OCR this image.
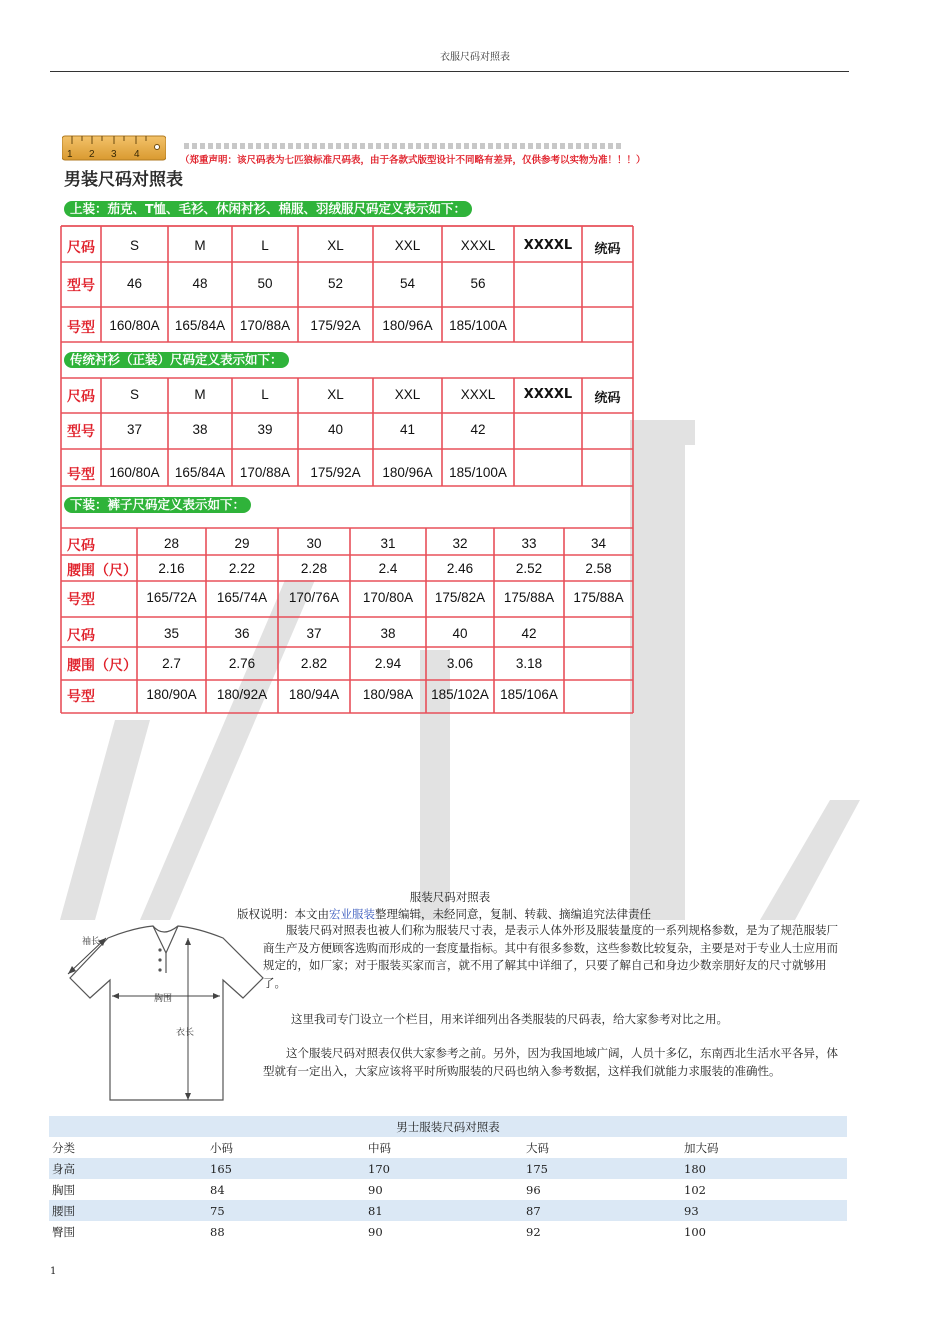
衣服尺码对照表
1 2 3 4
（郑重声明：该尺码表为七匹狼标准尺码表，由于各款式版型设计不同略有差异，仅供参考以实物为准！！！）
男装尺码对照表
上装：茄克、T恤、毛衫、休闲衬衫、棉服、羽绒服尺码定义表示如下：
传统衬衫（正装）尺码定义表示如下：
下装：裤子尺码定义表示如下：
尺码	S	M	L	XL	XXL	XXXL	XXXXL	统码
型号	46	48	50	52	54	56
号型	160/80A	165/84A	170/88A	175/92A	180/96A	185/100A
尺码	S	M	L	XL	XXL	XXXL	XXXXL	统码
型号	37	38	39	40	41	42
号型	160/80A	165/84A	170/88A	175/92A	180/96A	185/100A
尺码	28	29	30	31	32	33	34
腰围（尺）	2.16	2.22	2.28	2.4	2.46	2.52	2.58
号型	165/72A	165/74A	170/76A	170/80A	175/82A	175/88A	175/88A
尺码	35	36	37	38	40	42
腰围（尺）	2.7	2.76	2.82	2.94	3.06	3.18
号型	180/90A	180/92A	180/94A	180/98A	185/102A 185/106A
袖长
胸围
衣长
服装尺码对照表
版权说明：本文由宏业服装整理编辑，未经同意，复制、转载、摘编追究法律责任
服装尺码对照表也被人们称为服装尺寸表，是表示人体外形及服装量度的一系列规格参数，是为了规范服装厂商生产及方便顾客选购而形成的一套度量指标。其中有很多参数，这些参数比较复杂，主要是对于专业人士应用而规定的，如厂家；对于服装买家而言，就不用了解其中详细了，只要了解自己和身边少数亲朋好友的尺寸就够用了。
这里我司专门设立一个栏目，用来详细列出各类服装的尺码表，给大家参考对比之用。
这个服装尺码对照表仅供大家参考之前。另外，因为我国地域广阔，人员十多亿，东南西北生活水平各异，体型就有一定出入，大家应该将平时所购服装的尺码也纳入参考数据，这样我们就能力求服装的准确性。
男士服装尺码对照表				
分类	小码	中码	大码	加大码
身高	165	170	175	180
胸围	84	90	96	102
腰围	75	81	87	93
臀围	88	90	92	100
1
